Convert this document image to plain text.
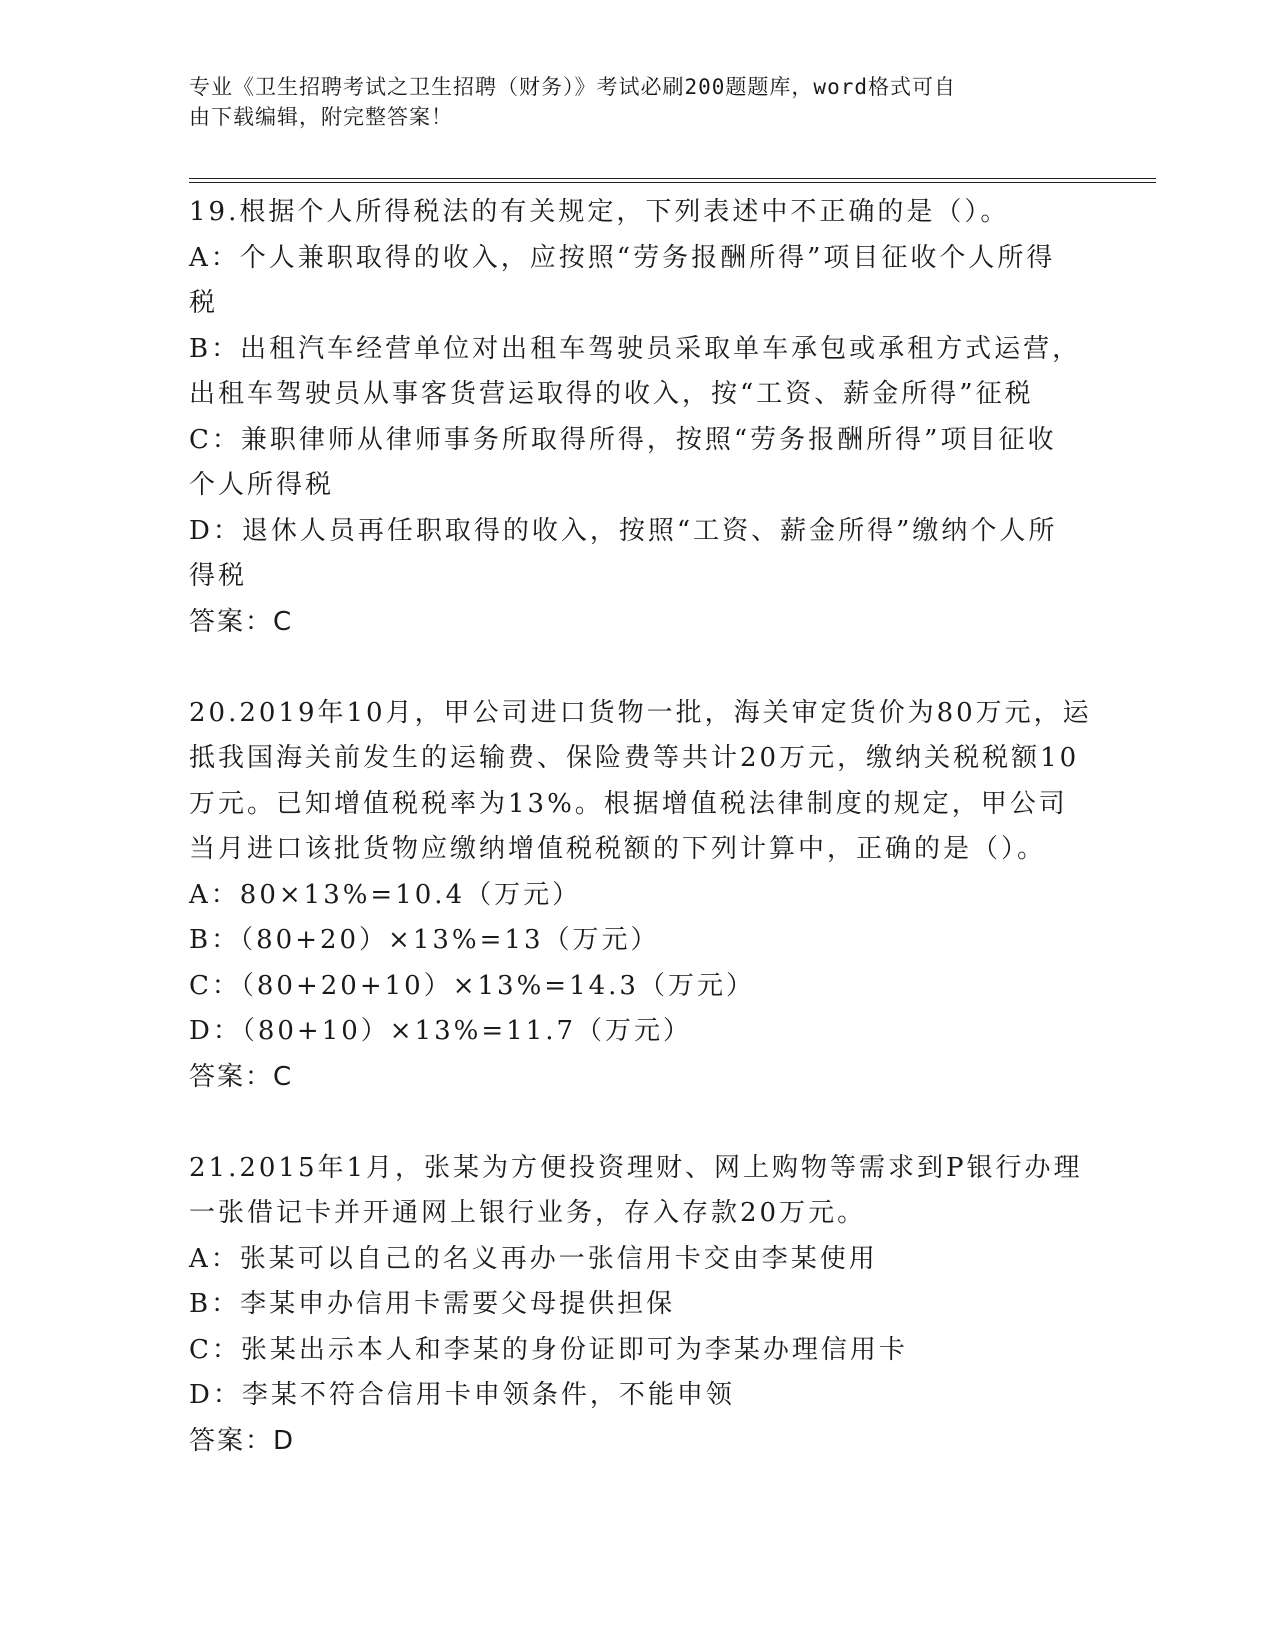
专业《卫生招聘考试之卫生招聘（财务）》考试必刷200题题库，word格式可自
由下载编辑，附完整答案！
19.根据个人所得税法的有关规定，下列表述中不正确的是（）。
A：个人兼职取得的收入，应按照“劳务报酬所得”项目征收个人所得
税
B：出租汽车经营单位对出租车驾驶员采取单车承包或承租方式运营，
出租车驾驶员从事客货营运取得的收入，按“工资、薪金所得”征税
C：兼职律师从律师事务所取得所得，按照“劳务报酬所得”项目征收
个人所得税
D：退休人员再任职取得的收入，按照“工资、薪金所得”缴纳个人所
得税
答案：C
20.2019年10月，甲公司进口货物一批，海关审定货价为80万元，运
抵我国海关前发生的运输费、保险费等共计20万元，缴纳关税税额10
万元。已知增值税税率为13%。根据增值税法律制度的规定，甲公司
当月进口该批货物应缴纳增值税税额的下列计算中，正确的是（）。
A：80×13%=10.4（万元）
B：（80+20）×13%=13（万元）
C：（80+20+10）×13%=14.3（万元）
D：（80+10）×13%=11.7（万元）
答案：C
21.2015年1月，张某为方便投资理财、网上购物等需求到P银行办理
一张借记卡并开通网上银行业务，存入存款20万元。
A：张某可以自己的名义再办一张信用卡交由李某使用
B：李某申办信用卡需要父母提供担保
C：张某出示本人和李某的身份证即可为李某办理信用卡
D：李某不符合信用卡申领条件，不能申领
答案：D
